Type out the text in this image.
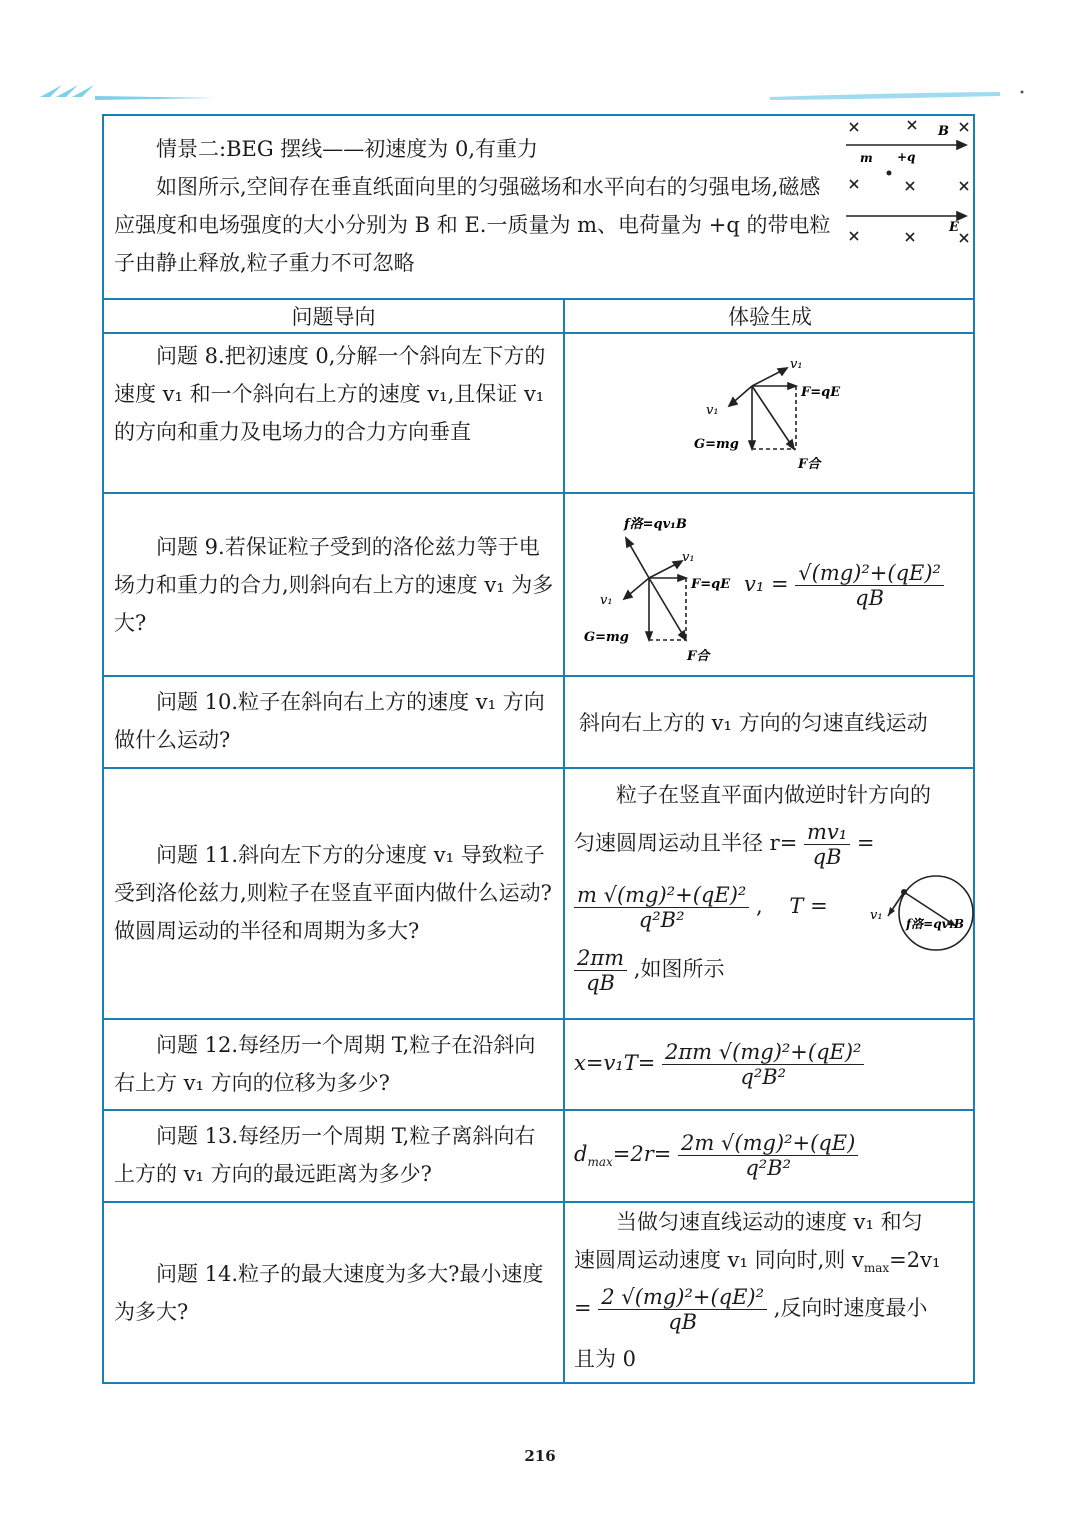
情景二:BEG 摆线——初速度为 0,有重力

如图所示,空间存在垂直纸面向里的匀强磁场和水平向右的匀强电场,磁感应强度和电场强度的大小分别为 B 和 E.一质量为 m、电荷量为 +q 的带电粒子由静止释放,粒子重力不可忽略

B
m +q
E
问题导向	体验生成

问题 8.把初速度 0,分解一个斜向左下方的速度 v₁ 和一个斜向右上方的速度 v₁,且保证 v₁ 的方向和重力及电场力的合力方向垂直

v₁
F=qE
v₁
G=mg
F合

问题 9.若保证粒子受到的洛伦兹力等于电场力和重力的合力,则斜向右上方的速度 v₁ 为多大?

f洛=qv₁B
v₁
F=qE
v₁
G=mg
F合
$v_1 = \frac{\text{√(mg)²+(qE)²}}{qB}$

问题 10.粒子在斜向右上方的速度 v₁ 方向做什么运动?

斜向右上方的 v₁ 方向的匀速直线运动

问题 11.斜向左下方的分速度 v₁ 导致粒子受到洛伦兹力,则粒子在竖直平面内做什么运动?做圆周运动的半径和周期为多大?

粒子在竖直平面内做逆时针方向的
匀速圆周运动且半径 $r= \frac{\text{mv₁}}{qB}$ =
$\frac{\text{m √(mg)²+(qE)²}}{\text{q²B²}}$ ,    T =
$\frac{2\pi m}{qB}$ ,如图所示
v₁
f洛=qv₁B

问题 12.每经历一个周期 T,粒子在沿斜向右上方 v₁ 方向的位移为多少?

$x=v_1T= \frac{\text{2πm √(mg)²+(qE)²}}{\text{q²B²}}$

问题 13.每经历一个周期 T,粒子离斜向右上方的 v₁ 方向的最远距离为多少?

$d_{max}=2r= \frac{\text{2m √(mg)²+(qE)}}{\text{q²B²}}$

问题 14.粒子的最大速度为多大?最小速度为多大?

当做匀速直线运动的速度 v₁ 和匀
速圆周运动速度 v₁ 同向时,则 $v_{max}=2v_1$
= $\frac{\text{2 √(mg)²+(qE)²}}{qB}$ ,反向时速度最小
且为 0
216
